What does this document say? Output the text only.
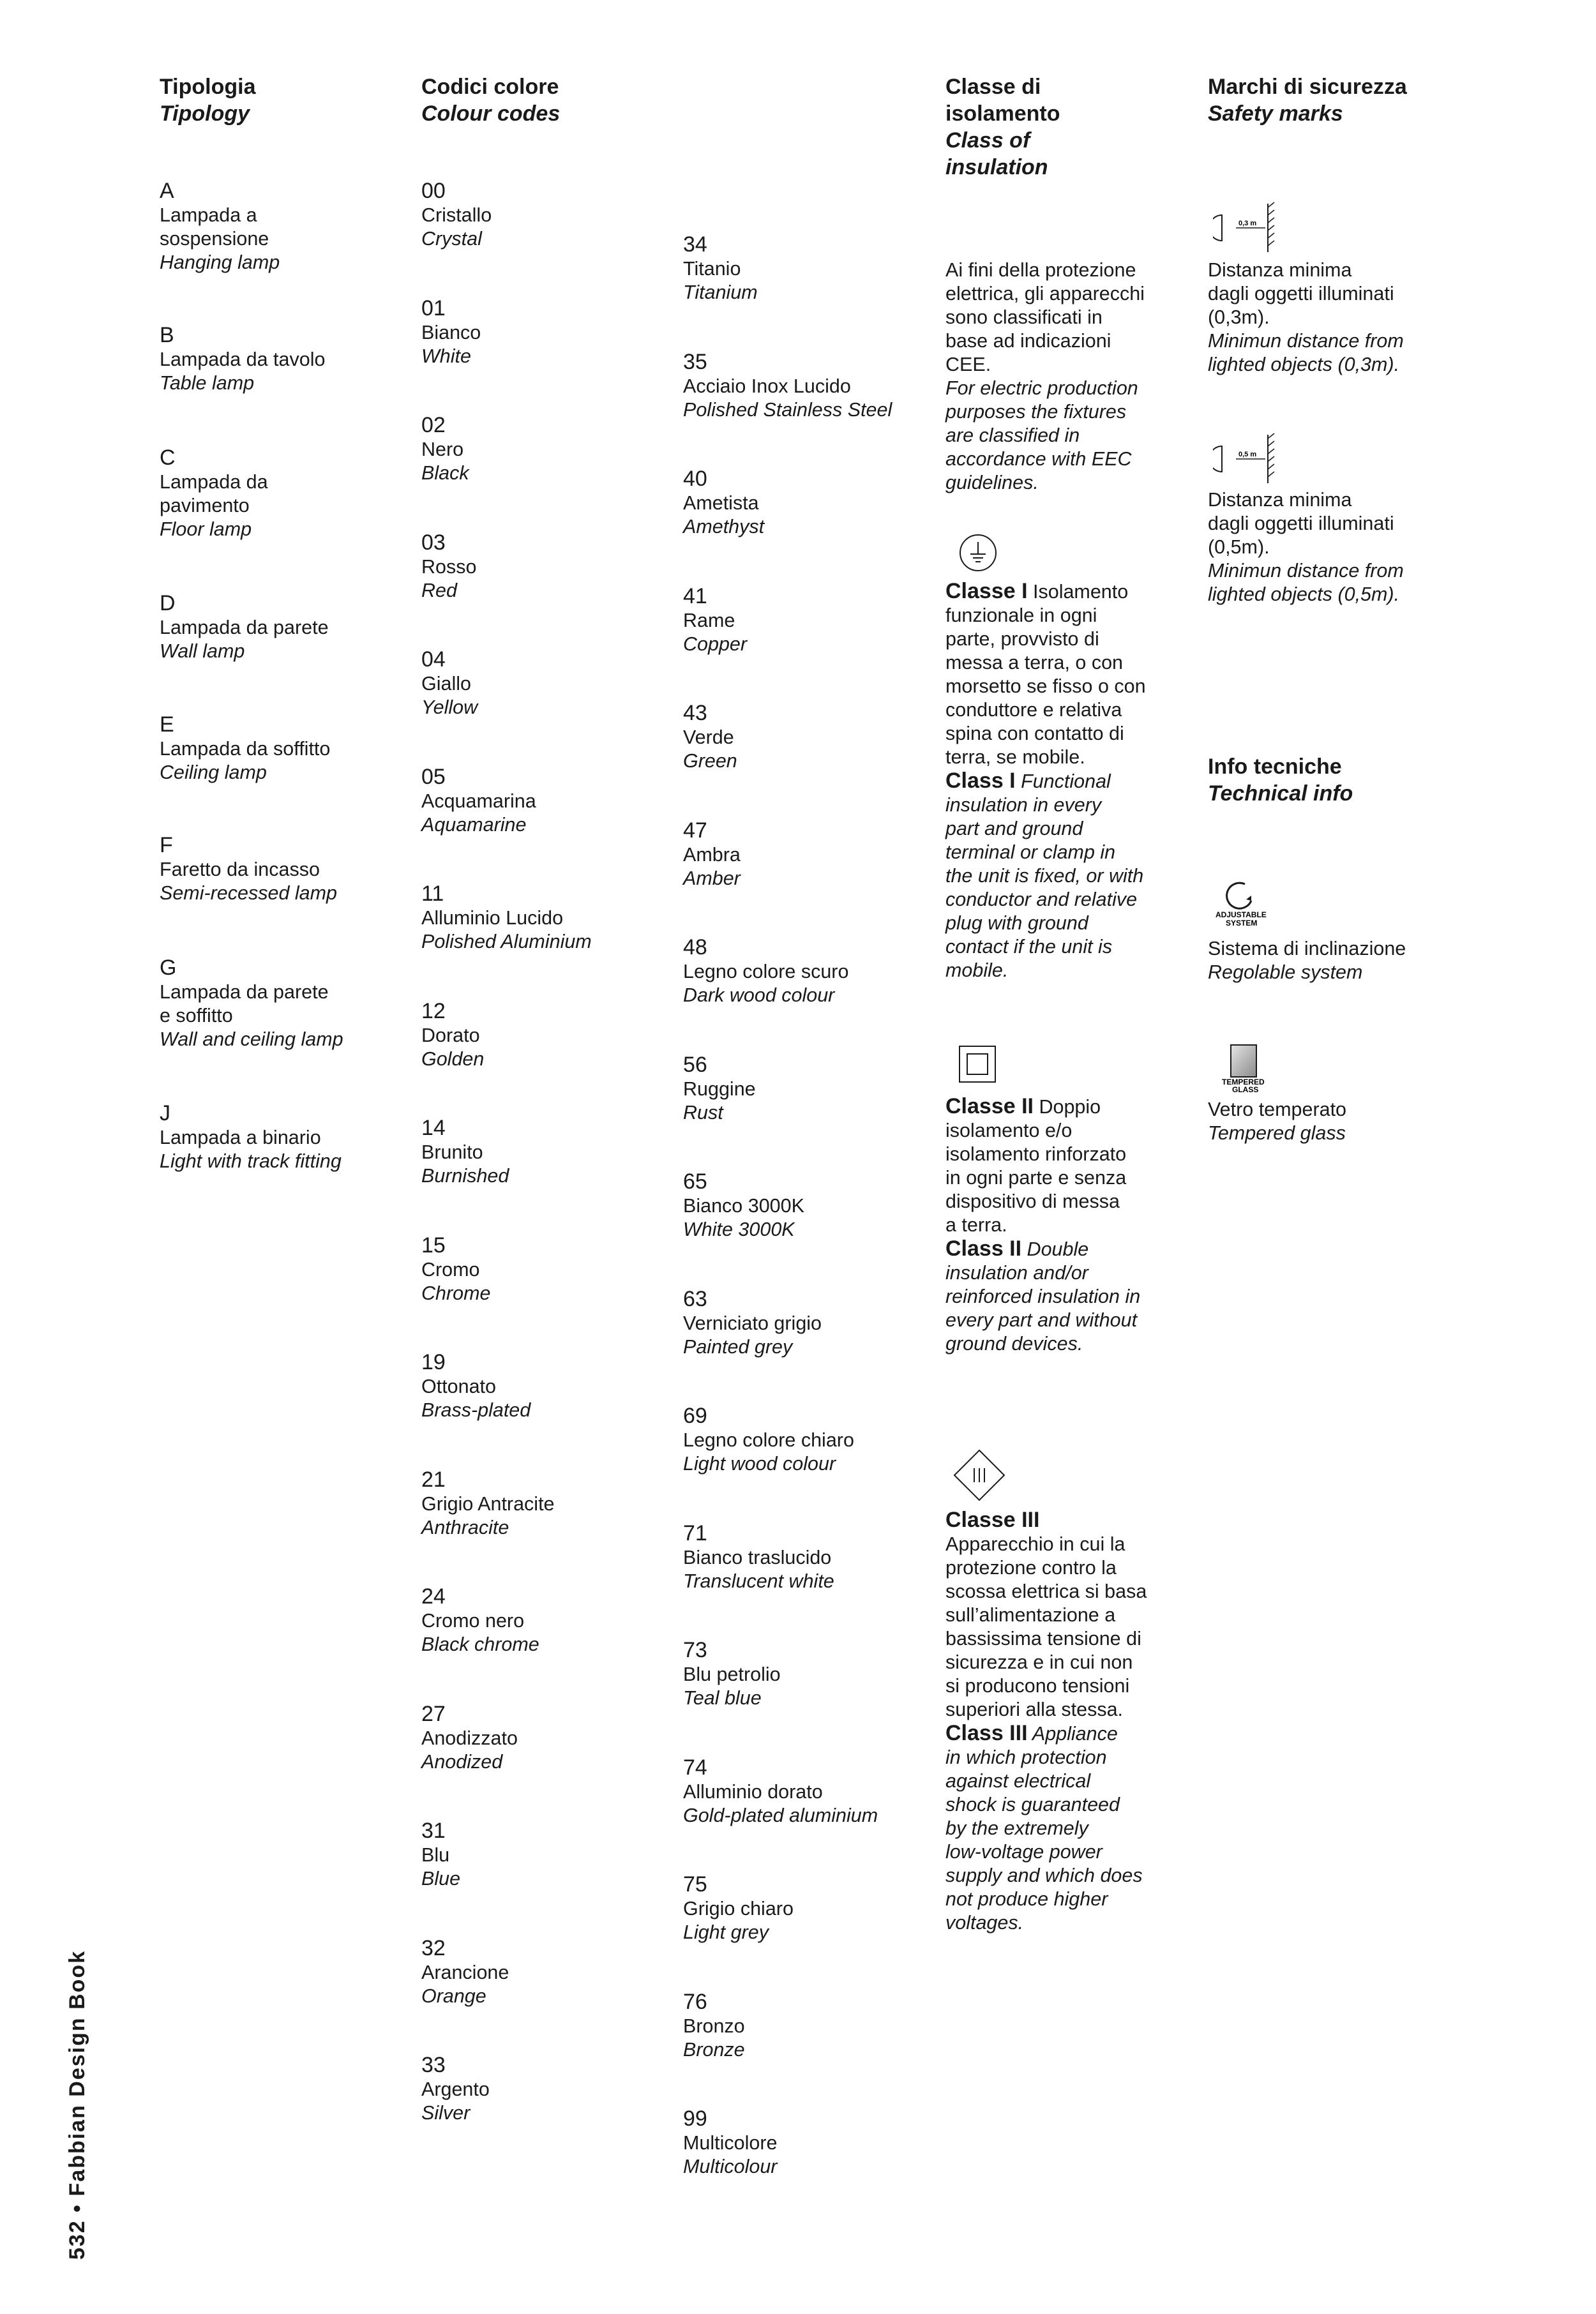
Tipologia
Tipology
A
Lampada a
sospensione
Hanging lamp
B
Lampada da tavolo
Table lamp
C
Lampada da
pavimento
Floor lamp
D
Lampada da parete
Wall lamp
E
Lampada da soffitto
Ceiling lamp
F
Faretto da incasso
Semi-recessed lamp
G
Lampada da parete
e soffitto
Wall and ceiling lamp
J
Lampada a binario
Light with track fitting
Codici colore
Colour codes
00
Cristallo
Crystal
01
Bianco
White
02
Nero
Black
03
Rosso
Red
04
Giallo
Yellow
05
Acquamarina
Aquamarine
11
Alluminio Lucido
Polished Aluminium
12
Dorato
Golden
14
Brunito
Burnished
15
Cromo
Chrome
19
Ottonato
Brass-plated
21
Grigio Antracite
Anthracite
24
Cromo nero
Black chrome
27
Anodizzato
Anodized
31
Blu
Blue
32
Arancione
Orange
33
Argento
Silver
34
Titanio
Titanium
35
Acciaio Inox Lucido
Polished Stainless Steel
40
Ametista
Amethyst
41
Rame
Copper
43
Verde
Green
47
Ambra
Amber
48
Legno colore scuro
Dark wood colour
56
Ruggine
Rust
65
Bianco 3000K
White 3000K
63
Verniciato grigio
Painted grey
69
Legno colore chiaro
Light wood colour
71
Bianco traslucido
Translucent white
73
Blu petrolio
Teal blue
74
Alluminio dorato
Gold-plated aluminium
75
Grigio chiaro
Light grey
76
Bronzo
Bronze
99
Multicolore
Multicolour
Classe di
isolamento
Class of
insulation
Ai fini della protezione
elettrica, gli apparecchi
sono classificati in
base ad indicazioni
CEE.
For electric production
purposes the fixtures
are classified in
accordance with EEC
guidelines.
Classe I Isolamento
funzionale in ogni
parte, provvisto di
messa a terra, o con
morsetto se fisso o con
conduttore e relativa
spina con contatto di
terra, se mobile.
Class I Functional
insulation in every
part and ground
terminal or clamp in
the unit is fixed, or with
conductor and relative
plug with ground
contact if the unit is
mobile.
Classe II Doppio
isolamento e/o
isolamento rinforzato
in ogni parte e senza
dispositivo di messa
a terra.
Class II Double
insulation and/or
reinforced insulation in
every part and without
ground devices.
Classe III
Apparecchio in cui la
protezione contro la
scossa elettrica si basa
sull’alimentazione a
bassissima tensione di
sicurezza e in cui non
si producono tensioni
superiori alla stessa.
Class III Appliance
in which protection
against electrical
shock is guaranteed
by the extremely
low-voltage power
supply and which does
not produce higher
voltages.
Marchi di sicurezza
Safety marks
0,3 m
Distanza minima
dagli oggetti illuminati
(0,3m).
Minimun distance from
lighted objects (0,3m).
0,5 m
Distanza minima
dagli oggetti illuminati
(0,5m).
Minimun distance from
lighted objects (0,5m).
Info tecniche
Technical info
ADJUSTABLE
SYSTEM
Sistema di inclinazione
Regolable system
TEMPERED
GLASS
Vetro temperato
Tempered glass
532 • Fabbian Design Book
